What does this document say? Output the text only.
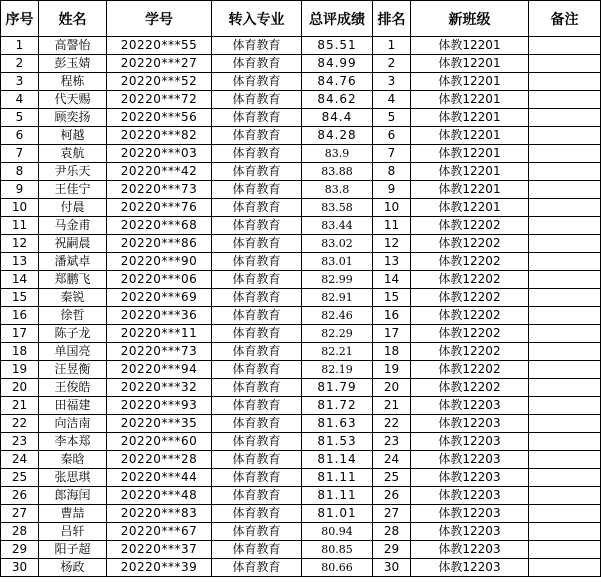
序号	姓名	学号	转入专业	总评成绩	排名	新班级	备注
1	高謦怡	20220***55	体育教育	85.51	1	体教12201	
2	彭玉婧	20220***27	体育教育	84.99	2	体教12201	
3	程栋	20220***52	体育教育	84.76	3	体教12201	
4	代天赐	20220***72	体育教育	84.62	4	体教12201	
5	顾奕扬	20220***56	体育教育	84.4	5	体教12201	
6	柯越	20220***82	体育教育	84.28	6	体教12201	
7	袁航	20220***03	体育教育	83.9	7	体教12201	
8	尹乐天	20220***42	体育教育	83.88	8	体教12201	
9	王佳宁	20220***73	体育教育	83.8	9	体教12201	
10	付晨	20220***76	体育教育	83.58	10	体教12201	
11	马金甫	20220***68	体育教育	83.44	11	体教12202	
12	祝嗣晨	20220***86	体育教育	83.02	12	体教12202	
13	潘斌卓	20220***90	体育教育	83.01	13	体教12202	
14	郑鹏飞	20220***06	体育教育	82.99	14	体教12202	
15	秦锐	20220***69	体育教育	82.91	15	体教12202	
16	徐哲	20220***36	体育教育	82.46	16	体教12202	
17	陈子龙	20220***11	体育教育	82.29	17	体教12202	
18	单国亮	20220***73	体育教育	82.21	18	体教12202	
19	汪昱衡	20220***94	体育教育	82.19	19	体教12202	
20	王俊皓	20220***32	体育教育	81.79	20	体教12202	
21	田福建	20220***93	体育教育	81.72	21	体教12203	
22	向洁南	20220***35	体育教育	81.63	22	体教12203	
23	李本郑	20220***60	体育教育	81.53	23	体教12203	
24	秦晗	20220***28	体育教育	81.14	24	体教12203	
25	张思琪	20220***44	体育教育	81.11	25	体教12203	
26	郎海闰	20220***48	体育教育	81.11	26	体教12203	
27	曹喆	20220***83	体育教育	81.01	27	体教12203	
28	吕轩	20220***67	体育教育	80.94	28	体教12203	
29	阳子超	20220***37	体育教育	80.85	29	体教12203	
30	杨政	20220***39	体育教育	80.66	30	体教12203	
